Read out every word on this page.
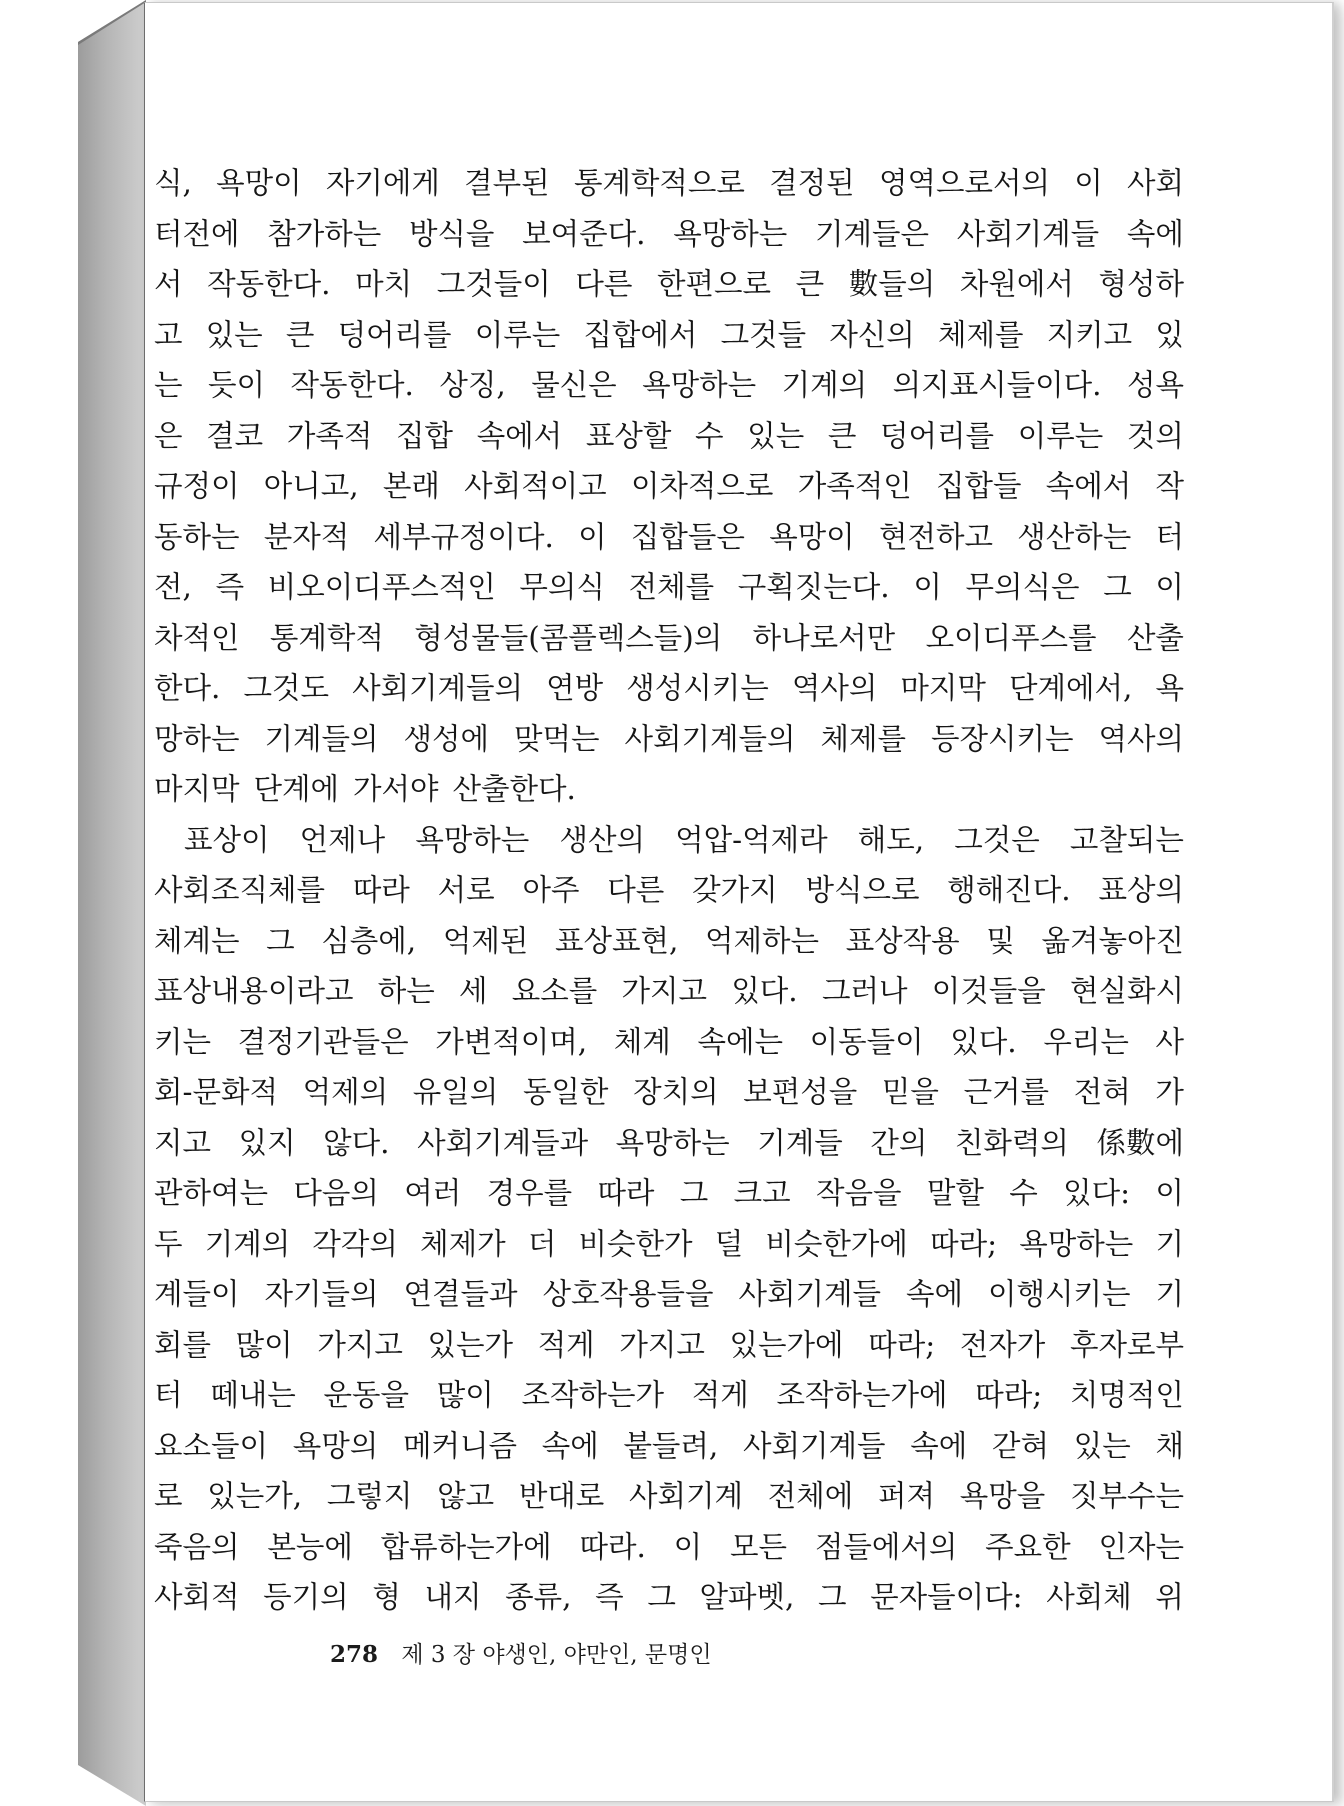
식, 욕망이 자기에게 결부된 통계학적으로 결정된 영역으로서의 이 사회
터전에 참가하는 방식을 보여준다. 욕망하는 기계들은 사회기계들 속에
서 작동한다. 마치 그것들이 다른 한편으로 큰 數들의 차원에서 형성하
고 있는 큰 덩어리를 이루는 집합에서 그것들 자신의 체제를 지키고 있
는 듯이 작동한다. 상징, 물신은 욕망하는 기계의 의지표시들이다. 성욕
은 결코 가족적 집합 속에서 표상할 수 있는 큰 덩어리를 이루는 것의
규정이 아니고, 본래 사회적이고 이차적으로 가족적인 집합들 속에서 작
동하는 분자적 세부규정이다. 이 집합들은 욕망이 현전하고 생산하는 터
전, 즉 비오이디푸스적인 무의식 전체를 구획짓는다. 이 무의식은 그 이
차적인 통계학적 형성물들(콤플렉스들)의 하나로서만 오이디푸스를 산출
한다. 그것도 사회기계들의 연방 생성시키는 역사의 마지막 단계에서, 욕
망하는 기계들의 생성에 맞먹는 사회기계들의 체제를 등장시키는 역사의
마지막 단계에 가서야 산출한다.
표상이 언제나 욕망하는 생산의 억압-억제라 해도, 그것은 고찰되는
사회조직체를 따라 서로 아주 다른 갖가지 방식으로 행해진다. 표상의
체계는 그 심층에, 억제된 표상표현, 억제하는 표상작용 및 옮겨놓아진
표상내용이라고 하는 세 요소를 가지고 있다. 그러나 이것들을 현실화시
키는 결정기관들은 가변적이며, 체계 속에는 이동들이 있다. 우리는 사
회-문화적 억제의 유일의 동일한 장치의 보편성을 믿을 근거를 전혀 가
지고 있지 않다. 사회기계들과 욕망하는 기계들 간의 친화력의 係數에
관하여는 다음의 여러 경우를 따라 그 크고 작음을 말할 수 있다: 이
두 기계의 각각의 체제가 더 비슷한가 덜 비슷한가에 따라; 욕망하는 기
계들이 자기들의 연결들과 상호작용들을 사회기계들 속에 이행시키는 기
회를 많이 가지고 있는가 적게 가지고 있는가에 따라; 전자가 후자로부
터 떼내는 운동을 많이 조작하는가 적게 조작하는가에 따라; 치명적인
요소들이 욕망의 메커니즘 속에 붙들려, 사회기계들 속에 갇혀 있는 채
로 있는가, 그렇지 않고 반대로 사회기계 전체에 퍼져 욕망을 짓부수는
죽음의 본능에 합류하는가에 따라. 이 모든 점들에서의 주요한 인자는
사회적 등기의 형 내지 종류, 즉 그 알파벳, 그 문자들이다: 사회체 위
278 제 3 장 야생인, 야만인, 문명인
